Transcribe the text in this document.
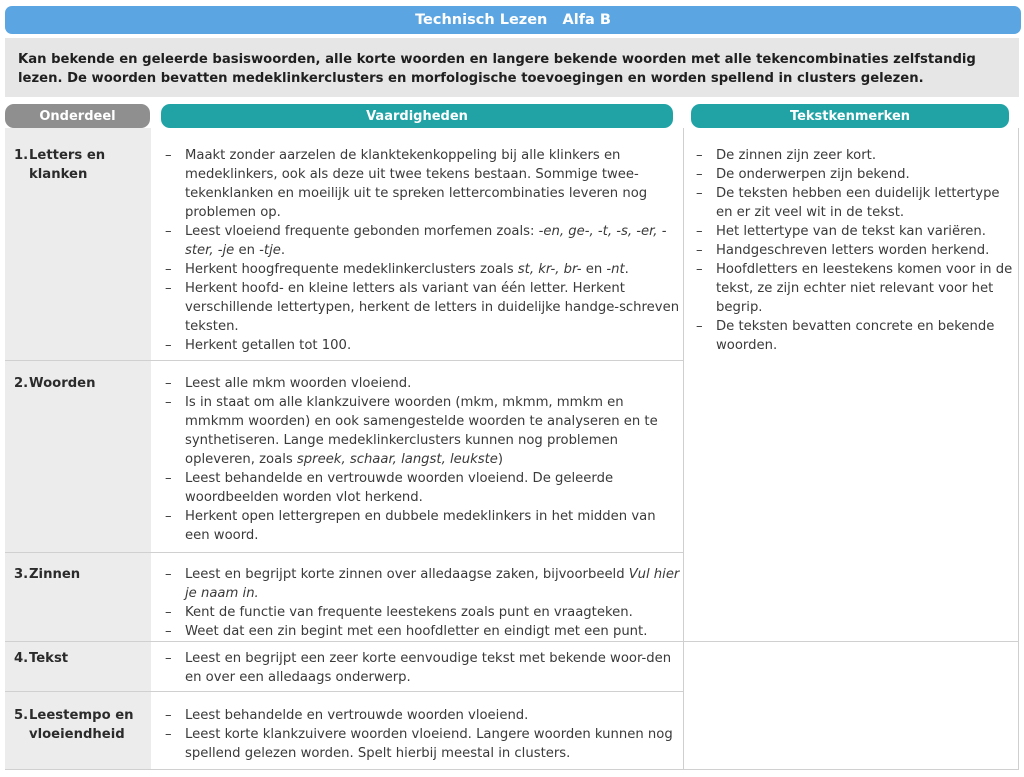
Technisch Lezen   Alfa B
Kan bekende en geleerde basiswoorden, alle korte woorden en langere bekende woorden met alle tekencombinaties zelfstandig lezen. De woorden bevatten medeklinkerclusters en morfologische toevoegingen en worden spellend in clusters gelezen.
Onderdeel	Vaardigheden	Tekstkenmerken
1. Letters en klanken
2. Woorden
3. Zinnen
4. Tekst
5. Leestempo en vloeiendheid
– Maakt zonder aarzelen de klanktekenkoppeling bij alle klinkers en medeklinkers, ook als deze uit twee tekens bestaan. Sommige twee-tekenklanken en moeilijk uit te spreken lettercombinaties leveren nog problemen op.
– Leest vloeiend frequente gebonden morfemen zoals: -en, ge-, -t, -s, -er, -ster, -je en -tje.
– Herkent hoogfrequente medeklinkerclusters zoals st, kr-, br- en -nt.
– Herkent hoofd- en kleine letters als variant van één letter. Herkent verschillende lettertypen, herkent de letters in duidelijke handge-schreven teksten.
– Herkent getallen tot 100.
– Leest alle mkm woorden vloeiend.
– Is in staat om alle klankzuivere woorden (mkm, mkmm, mmkm en mmkmm woorden) en ook samengestelde woorden te analyseren en te synthetiseren. Lange medeklinkerclusters kunnen nog problemen opleveren, zoals spreek, schaar, langst, leukste)
– Leest behandelde en vertrouwde woorden vloeiend. De geleerde woordbeelden worden vlot herkend.
– Herkent open lettergrepen en dubbele medeklinkers in het midden van een woord.
– Leest en begrijpt korte zinnen over alledaagse zaken, bijvoorbeeld Vul hier je naam in.
– Kent de functie van frequente leestekens zoals punt en vraagteken.
– Weet dat een zin begint met een hoofdletter en eindigt met een punt.
– Leest en begrijpt een zeer korte eenvoudige tekst met bekende woor-den en over een alledaags onderwerp.
– Leest behandelde en vertrouwde woorden vloeiend.
– Leest korte klankzuivere woorden vloeiend. Langere woorden kunnen nog spellend gelezen worden. Spelt hierbij meestal in clusters.
– De zinnen zijn zeer kort.
– De onderwerpen zijn bekend.
– De teksten hebben een duidelijk lettertype en er zit veel wit in de tekst.
– Het lettertype van de tekst kan variëren.
– Handgeschreven letters worden herkend.
– Hoofdletters en leestekens komen voor in de tekst, ze zijn echter niet relevant voor het begrip.
– De teksten bevatten concrete en bekende woorden.
